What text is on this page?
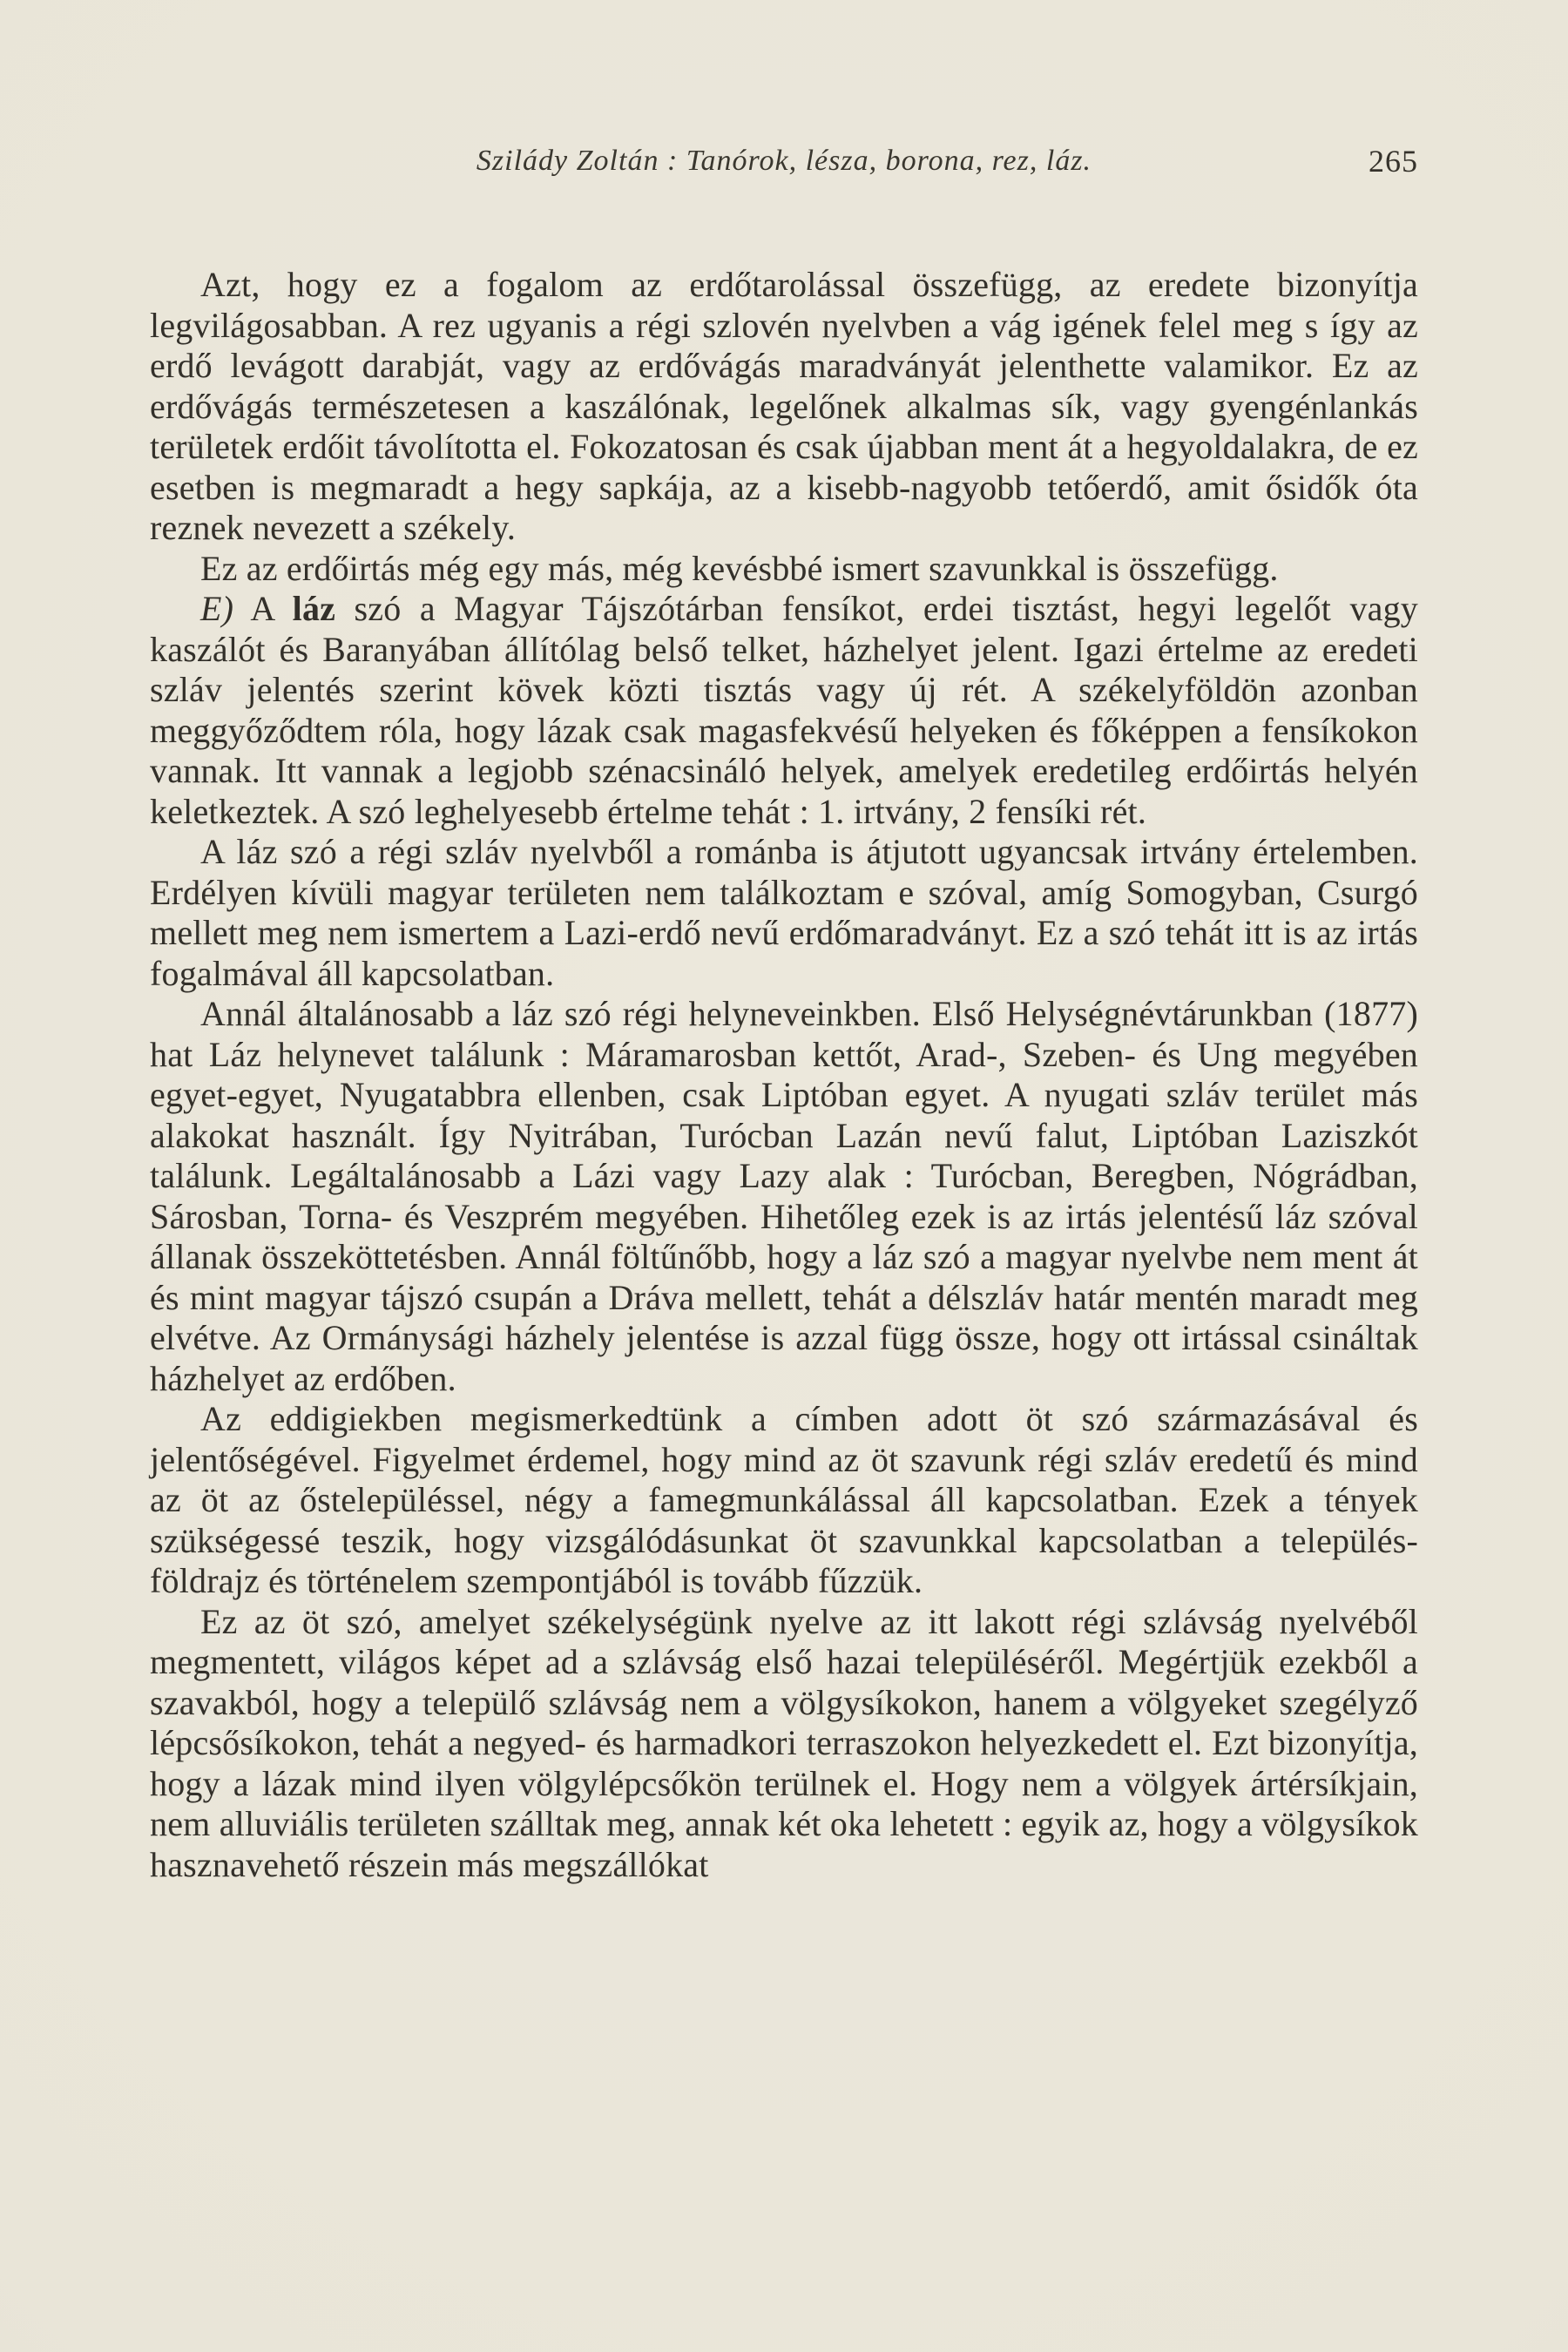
Szilády Zoltán : Tanórok, lésza, borona, rez, láz.	265

Azt, hogy ez a fogalom az erdőtarolással összefügg, az eredete bizonyítja legvilágosabban. A rez ugyanis a régi szlovén nyelvben a vág igének felel meg s így az erdő levágott darabját, vagy az erdővágás maradványát jelenthette valamikor. Ez az erdővágás természetesen a kaszálónak, legelőnek alkalmas sík, vagy gyengénlankás területek erdőit távolította el. Fokozatosan és csak újabban ment át a hegyoldalakra, de ez esetben is megmaradt a hegy sapkája, az a kisebb-nagyobb tetőerdő, amit ősidők óta reznek nevezett a székely.

Ez az erdőirtás még egy más, még kevésbbé ismert szavunkkal is összefügg.

E) A láz szó a Magyar Tájszótárban fensíkot, erdei tisztást, hegyi legelőt vagy kaszálót és Baranyában állítólag belső telket, házhelyet jelent. Igazi értelme az eredeti szláv jelentés szerint kövek közti tisztás vagy új rét. A székelyföldön azonban meggyőződtem róla, hogy lázak csak magasfekvésű helyeken és főképpen a fensíkokon vannak. Itt vannak a legjobb szénacsináló helyek, amelyek eredetileg erdőirtás helyén keletkeztek. A szó leghelyesebb értelme tehát : 1. irtvány, 2 fensíki rét.

A láz szó a régi szláv nyelvből a románba is átjutott ugyancsak irtvány értelemben. Erdélyen kívüli magyar területen nem találkoztam e szóval, amíg Somogyban, Csurgó mellett meg nem ismertem a Lazi-erdő nevű erdőmaradványt. Ez a szó tehát itt is az irtás fogalmával áll kapcsolatban.

Annál általánosabb a láz szó régi helyneveinkben. Első Helységnévtárunkban (1877) hat Láz helynevet találunk : Máramarosban kettőt, Arad-, Szeben- és Ung megyében egyet-egyet, Nyugatabbra ellenben, csak Liptóban egyet. A nyugati szláv terület más alakokat használt. Így Nyitrában, Turócban Lazán nevű falut, Liptóban Laziszkót találunk. Legáltalánosabb a Lázi vagy Lazy alak : Turócban, Beregben, Nógrádban, Sárosban, Torna- és Veszprém megyében. Hihetőleg ezek is az irtás jelentésű láz szóval állanak összeköttetésben. Annál föltűnőbb, hogy a láz szó a magyar nyelvbe nem ment át és mint magyar tájszó csupán a Dráva mellett, tehát a délszláv határ mentén maradt meg elvétve. Az Ormánysági házhely jelentése is azzal függ össze, hogy ott irtással csináltak házhelyet az erdőben.

Az eddigiekben megismerkedtünk a címben adott öt szó származásával és jelentőségével. Figyelmet érdemel, hogy mind az öt szavunk régi szláv eredetű és mind az öt az őstelepüléssel, négy a famegmunkálással áll kapcsolatban. Ezek a tények szükségessé teszik, hogy vizsgálódásunkat öt szavunkkal kapcsolatban a település-földrajz és történelem szempontjából is tovább fűzzük.

Ez az öt szó, amelyet székelységünk nyelve az itt lakott régi szlávság nyelvéből megmentett, világos képet ad a szlávság első hazai településéről. Megértjük ezekből a szavakból, hogy a települő szlávság nem a völgysíkokon, hanem a völgyeket szegélyző lépcsősíkokon, tehát a negyed- és harmadkori terraszokon helyezkedett el. Ezt bizonyítja, hogy a lázak mind ilyen völgylépcsőkön terülnek el. Hogy nem a völgyek ártérsíkjain, nem alluviális területen szálltak meg, annak két oka lehetett : egyik az, hogy a völgysíkok hasznavehető részein más megszállókat
